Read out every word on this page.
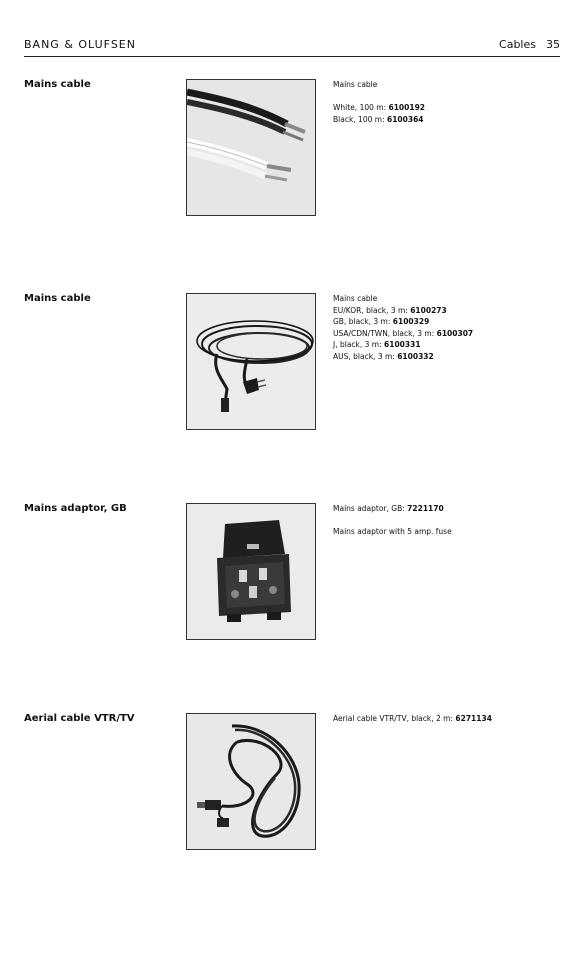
BANG & OLUFSEN	Cables 35
Mains cable	Mains cable
White, 100 m: 6100192
Black, 100 m: 6100364
Mains cable	Mains cable
EU/KOR, black, 3 m: 6100273
GB, black, 3 m: 6100329
USA/CDN/TWN, black, 3 m: 6100307
J, black, 3 m: 6100331
AUS, black, 3 m: 6100332
Mains adaptor, GB	Mains adaptor, GB: 7221170
Mains adaptor with 5 amp. fuse
Aerial cable VTR/TV	Aerial cable VTR/TV, black, 2 m: 6271134
